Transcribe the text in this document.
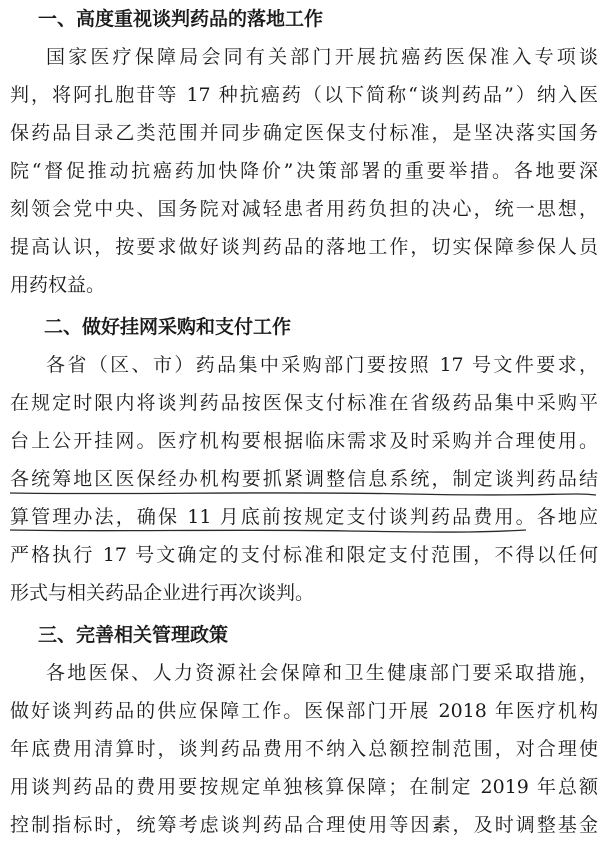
一、高度重视谈判药品的落地工作
国家医疗保障局会同有关部门开展抗癌药医保准入专项谈
判，将阿扎胞苷等 17 种抗癌药（以下简称“谈判药品”）纳入医
保药品目录乙类范围并同步确定医保支付标准，是坚决落实国务
院“督促推动抗癌药加快降价”决策部署的重要举措。各地要深
刻领会党中央、国务院对减轻患者用药负担的决心，统一思想，
提高认识，按要求做好谈判药品的落地工作，切实保障参保人员
用药权益。
二、做好挂网采购和支付工作
各省（区、市）药品集中采购部门要按照 17 号文件要求，
在规定时限内将谈判药品按医保支付标准在省级药品集中采购平
台上公开挂网。医疗机构要根据临床需求及时采购并合理使用。
各统筹地区医保经办机构要抓紧调整信息系统，制定谈判药品结
算管理办法，确保 11 月底前按规定支付谈判药品费用。各地应
严格执行 17 号文确定的支付标准和限定支付范围，不得以任何
形式与相关药品企业进行再次谈判。
三、完善相关管理政策
各地医保、人力资源社会保障和卫生健康部门要采取措施，
做好谈判药品的供应保障工作。医保部门开展 2018 年医疗机构
年底费用清算时，谈判药品费用不纳入总额控制范围，对合理使
用谈判药品的费用要按规定单独核算保障；在制定 2019 年总额
控制指标时，统筹考虑谈判药品合理使用等因素，及时调整基金
